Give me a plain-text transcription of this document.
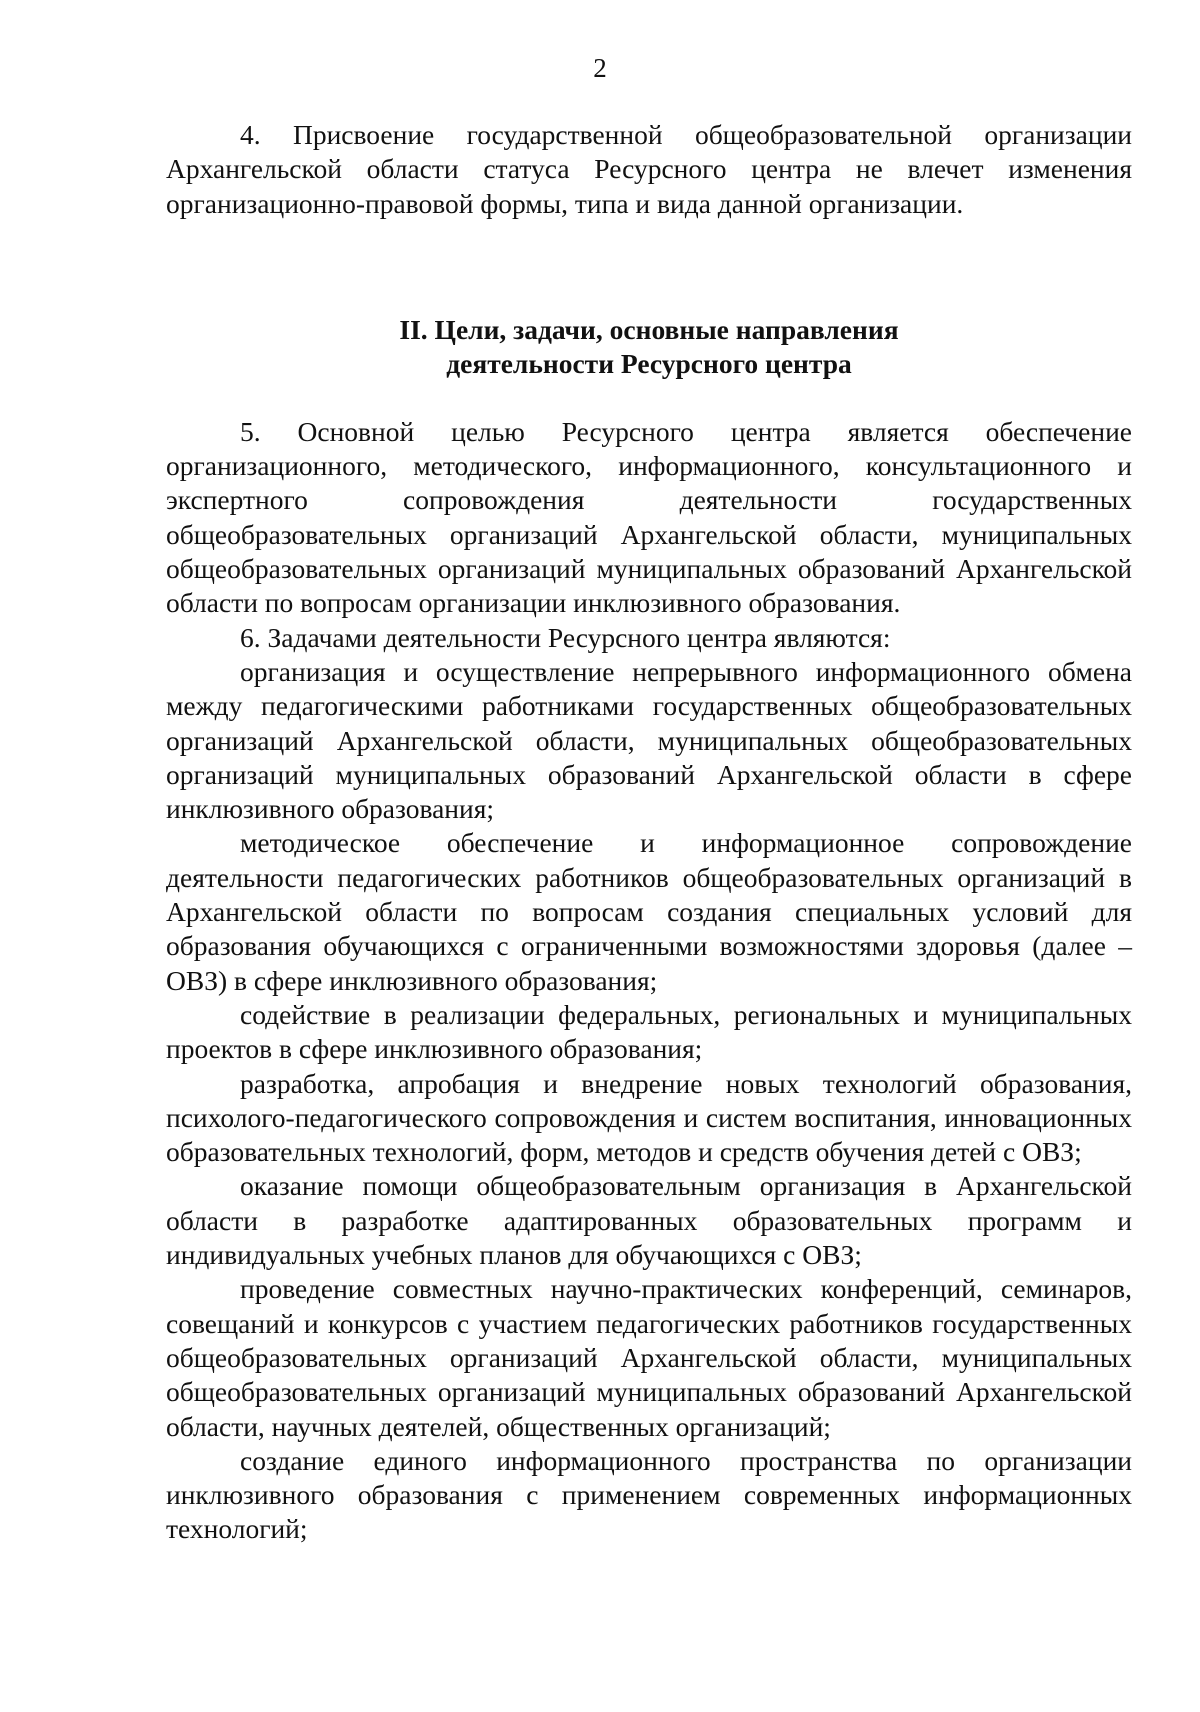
2

4. Присвоение государственной общеобразовательной организации Архангельской области статуса Ресурсного центра не влечет изменения организационно-правовой формы, типа и вида данной организации.

II. Цели, задачи, основные направления
деятельности Ресурсного центра

5. Основной целью Ресурсного центра является обеспечение организационного, методического, информационного, консультационного и экспертного сопровождения деятельности государственных общеобразовательных организаций Архангельской области, муниципальных общеобразовательных организаций муниципальных образований Архангельской области по вопросам организации инклюзивного образования.

6. Задачами деятельности Ресурсного центра являются:

организация и осуществление непрерывного информационного обмена между педагогическими работниками государственных общеобразовательных организаций Архангельской области, муниципальных общеобразовательных организаций муниципальных образований Архангельской области в сфере инклюзивного образования;

методическое обеспечение и информационное сопровождение деятельности педагогических работников общеобразовательных организаций в Архангельской области по вопросам создания специальных условий для образования обучающихся с ограниченными возможностями здоровья (далее – ОВЗ) в сфере инклюзивного образования;

содействие в реализации федеральных, региональных и муниципальных проектов в сфере инклюзивного образования;

разработка, апробация и внедрение новых технологий образования, психолого-педагогического сопровождения и систем воспитания, инновационных образовательных технологий, форм, методов и средств обучения детей с ОВЗ;

оказание помощи общеобразовательным организация в Архангельской области в разработке адаптированных образовательных программ и индивидуальных учебных планов для обучающихся с ОВЗ;

проведение совместных научно-практических конференций, семинаров, совещаний и конкурсов с участием педагогических работников государственных общеобразовательных организаций Архангельской области, муниципальных общеобразовательных организаций муниципальных образований Архангельской области, научных деятелей, общественных организаций;

создание единого информационного пространства по организации инклюзивного образования с применением современных информационных технологий;
